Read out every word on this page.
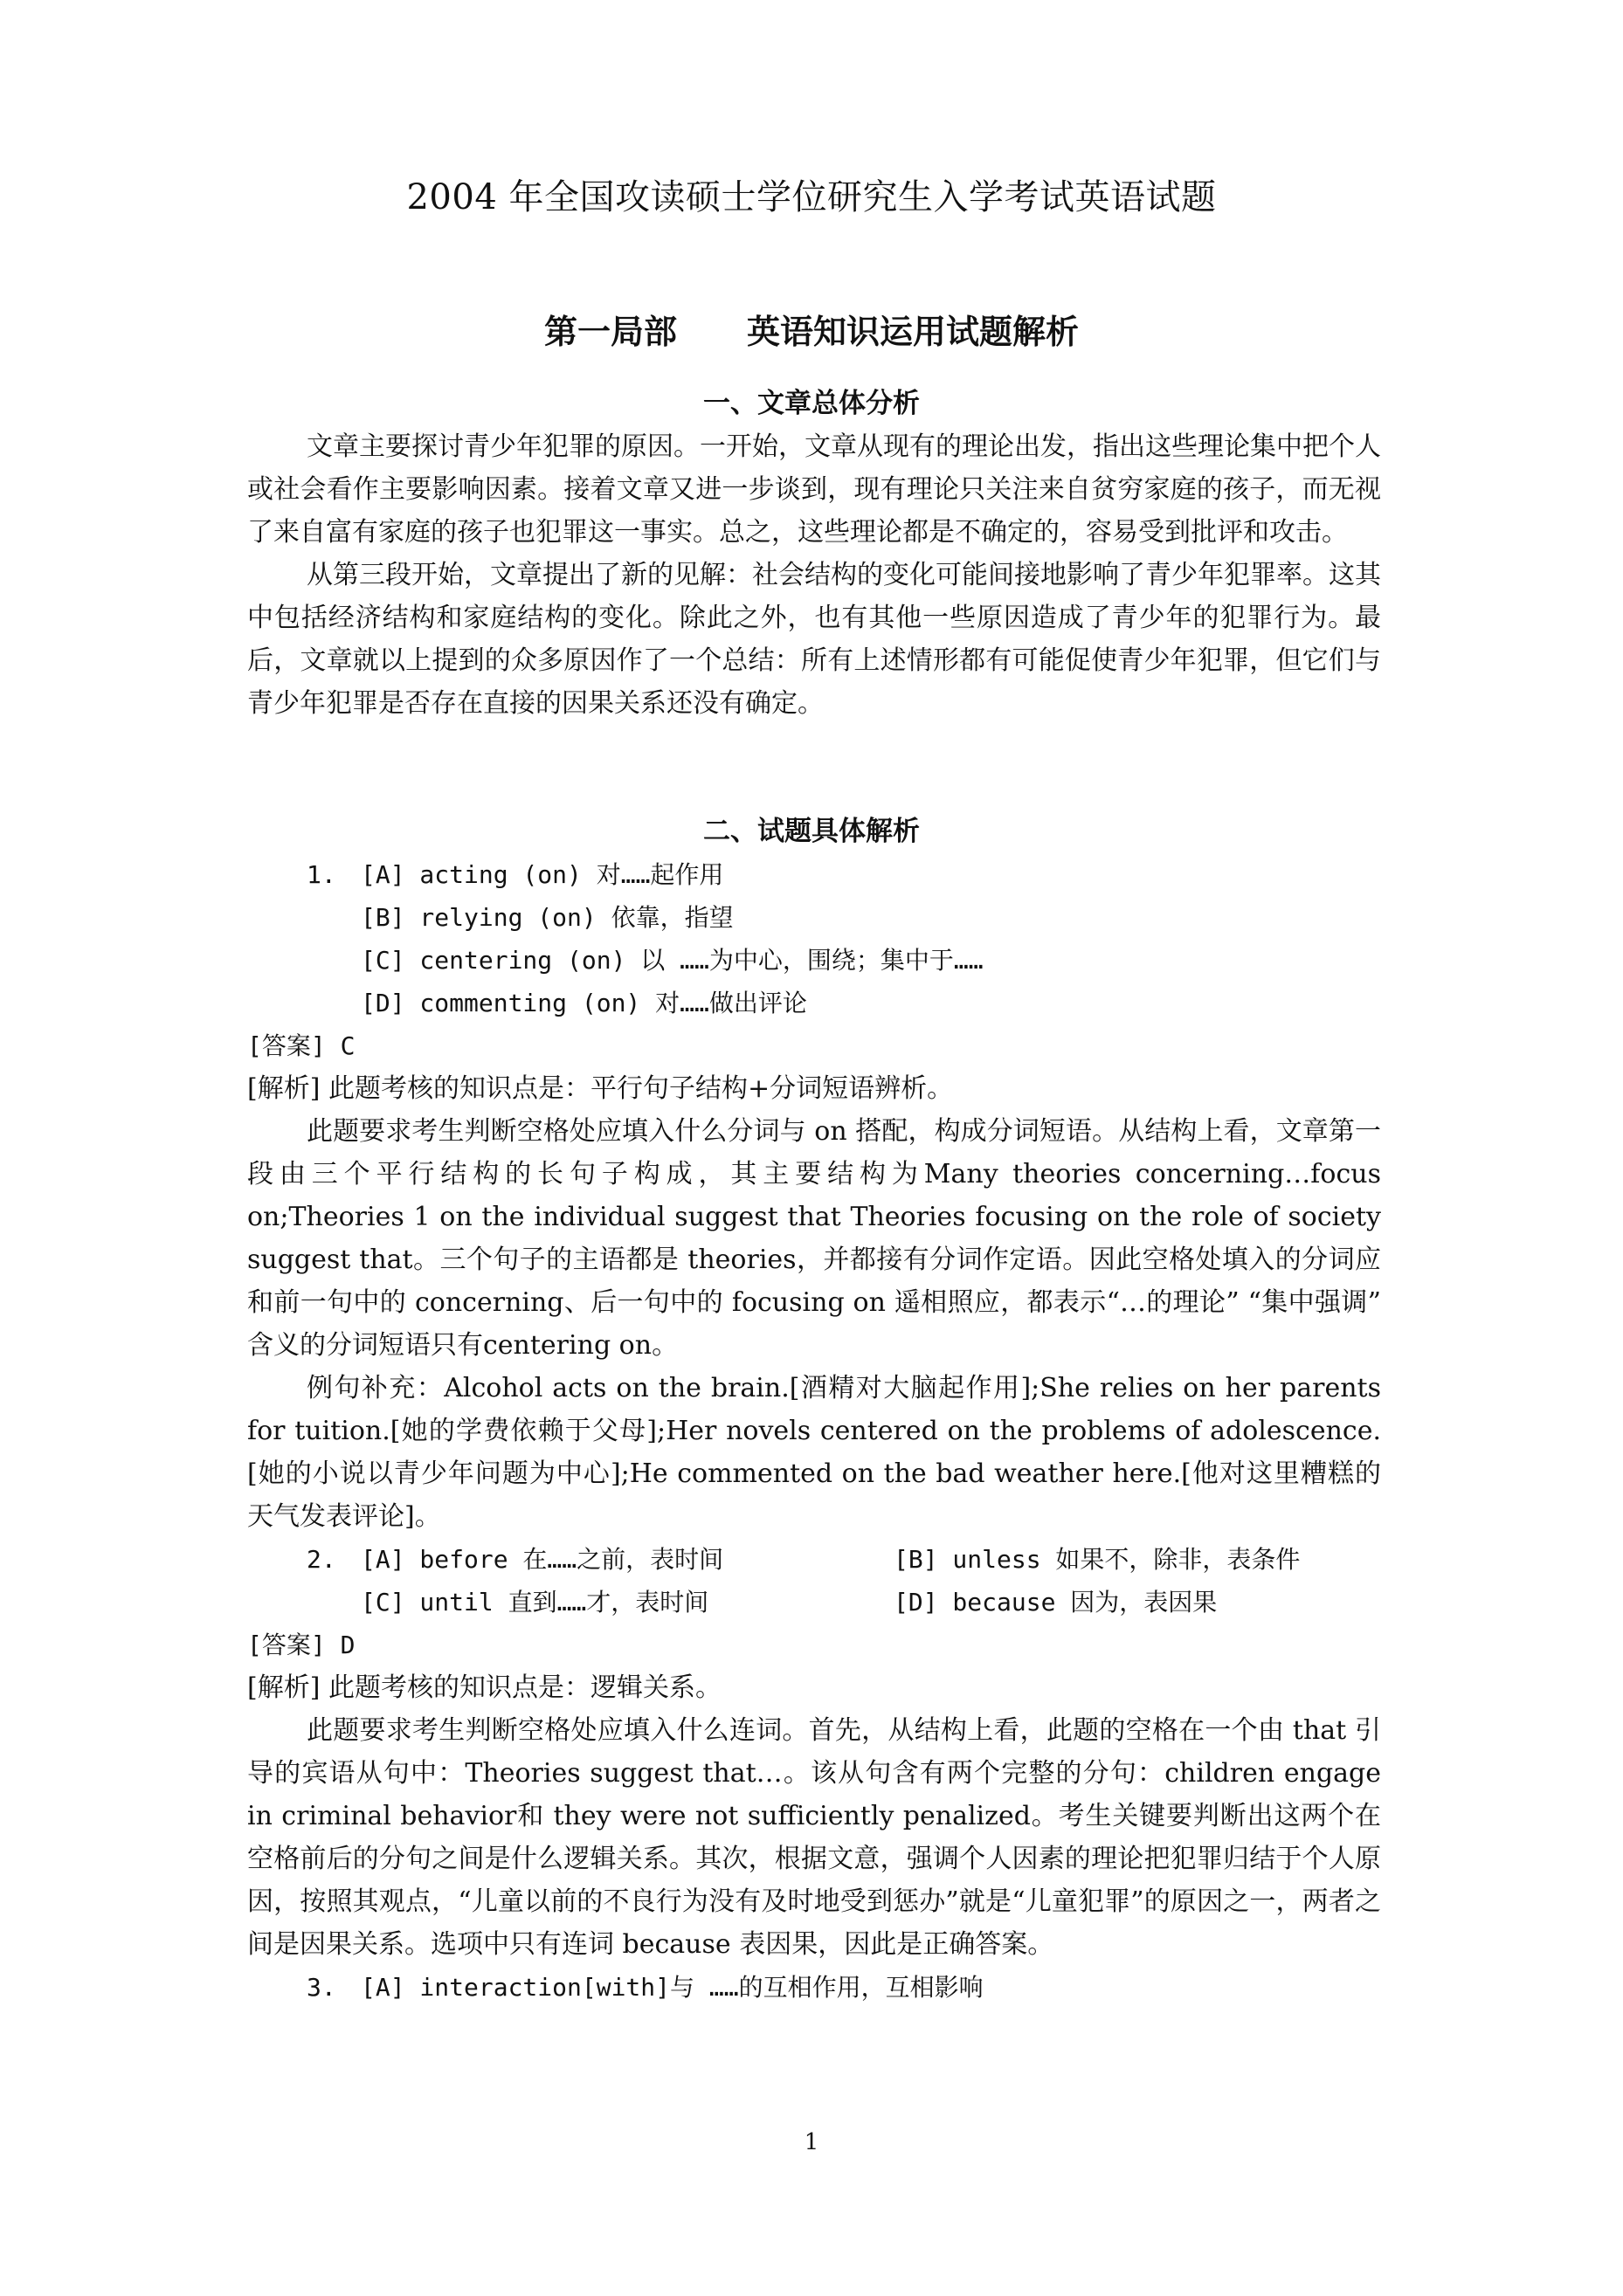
2004 年全国攻读硕士学位研究生入学考试英语试题
第一局部 英语知识运用试题解析
一、文章总体分析

文章主要探讨青少年犯罪的原因。一开始，文章从现有的理论出发，指出这些理论集中把个人或社会看作主要影响因素。接着文章又进一步谈到，现有理论只关注来自贫穷家庭的孩子，而无视了来自富有家庭的孩子也犯罪这一事实。总之，这些理论都是不确定的，容易受到批评和攻击。

从第三段开始，文章提出了新的见解：社会结构的变化可能间接地影响了青少年犯罪率。这其中包括经济结构和家庭结构的变化。除此之外，也有其他一些原因造成了青少年的犯罪行为。最后，文章就以上提到的众多原因作了一个总结：所有上述情形都有可能促使青少年犯罪，但它们与青少年犯罪是否存在直接的因果关系还没有确定。

二、试题具体解析

1. [A] acting (on) 对……起作用

[B] relying (on) 依靠，指望

[C] centering (on) 以 ……为中心，围绕；集中于……

[D] commenting (on) 对……做出评论

[答案] C

[解析] 此题考核的知识点是：平行句子结构+分词短语辨析。

此题要求考生判断空格处应填入什么分词与 on 搭配，构成分词短语。从结构上看，文章第一段由三个平行结构的长句子构成，其主要结构为Many theories concerning…focus on;Theories 1 on the individual suggest that Theories focusing on the role of society suggest that。三个句子的主语都是 theories，并都接有分词作定语。因此空格处填入的分词应和前一句中的 concerning、后一句中的 focusing on 遥相照应，都表示“…的理论” “集中强调” 含义的分词短语只有centering on。

例句补充：Alcohol acts on the brain.[酒精对大脑起作用];She relies on her parents for tuition.[她的学费依赖于父母];Her novels centered on the problems of adolescence.[她的小说以青少年问题为中心];He commented on the bad weather here.[他对这里糟糕的天气发表评论]。

2. [A] before 在……之前，表时间	[B] unless 如果不，除非，表条件
[C] until 直到……才，表时间	[D] because 因为，表因果

[答案] D

[解析] 此题考核的知识点是：逻辑关系。

此题要求考生判断空格处应填入什么连词。首先，从结构上看，此题的空格在一个由 that 引导的宾语从句中：Theories suggest that…。该从句含有两个完整的分句：children engage in criminal behavior和 they were not sufficiently penalized。考生关键要判断出这两个在空格前后的分句之间是什么逻辑关系。其次，根据文意，强调个人因素的理论把犯罪归结于个人原因，按照其观点，“儿童以前的不良行为没有及时地受到惩办”就是“儿童犯罪”的原因之一，两者之间是因果关系。选项中只有连词 because 表因果，因此是正确答案。

3. [A] interaction[with]与 ……的互相作用，互相影响

1
